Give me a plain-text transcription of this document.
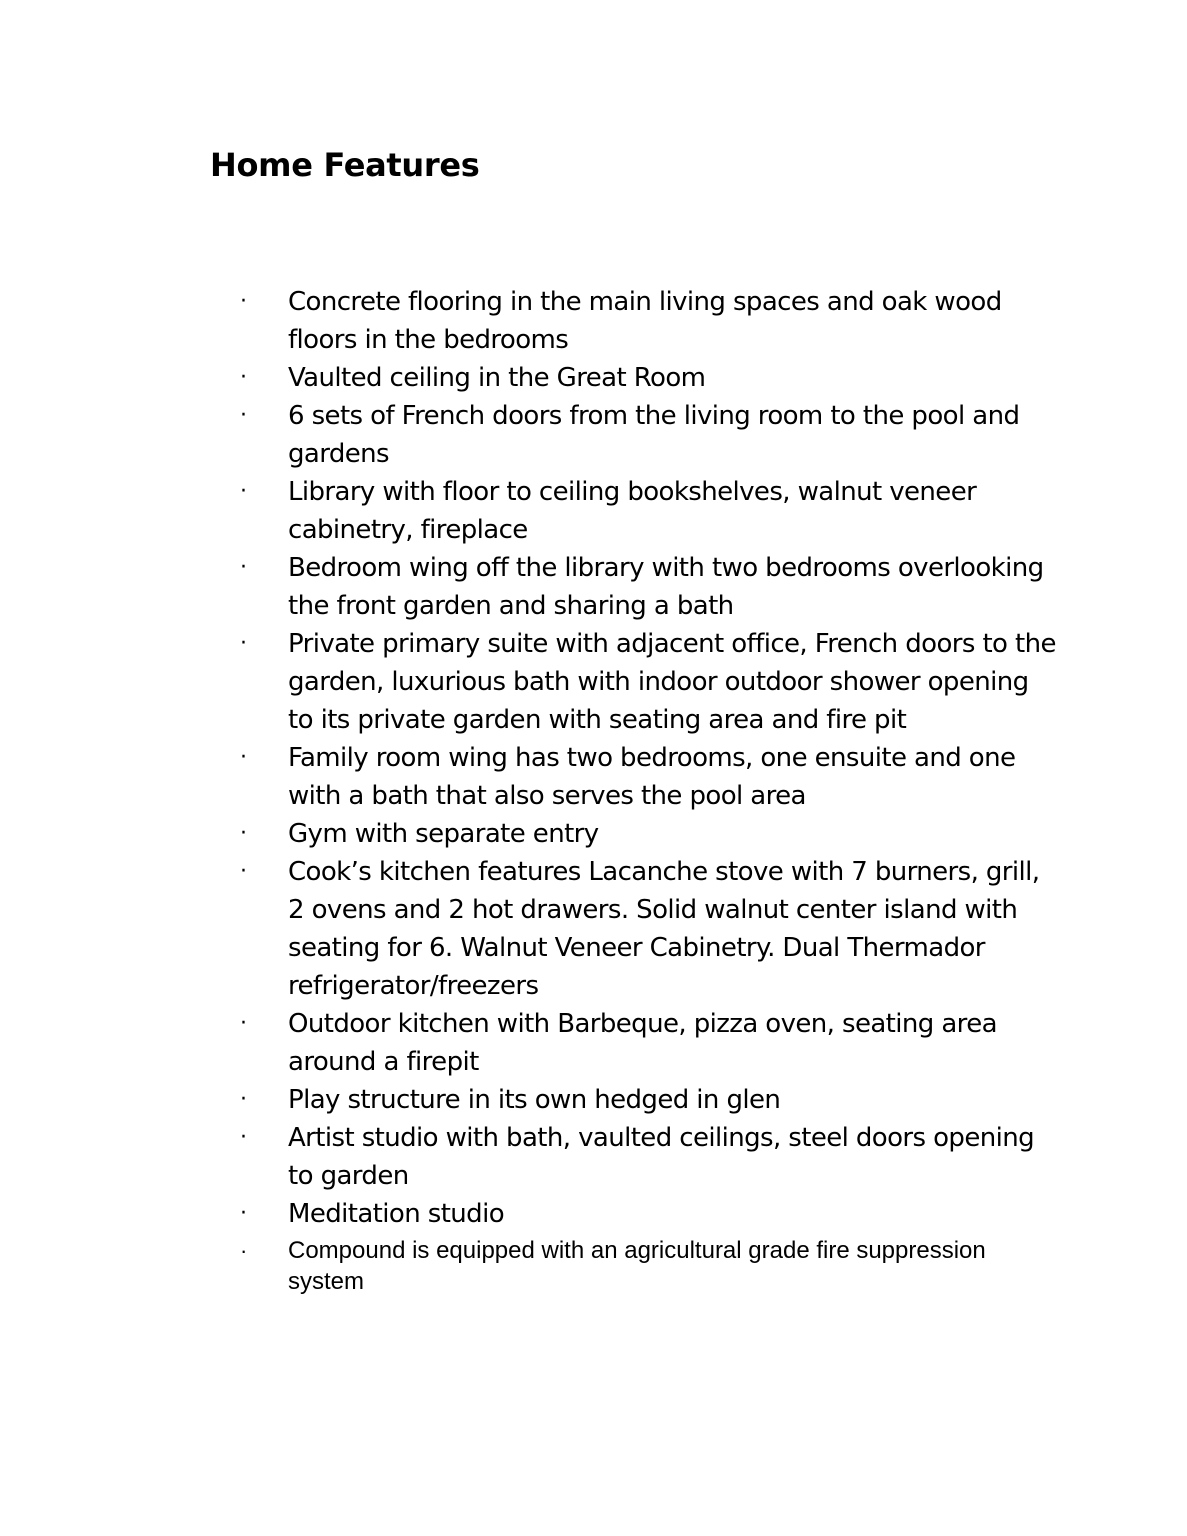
Home Features
·	Concrete flooring in the main living spaces and oak wood floors in the bedrooms
·	Vaulted ceiling in the Great Room
·	6 sets of French doors from the living room to the pool and gardens
·	Library with floor to ceiling bookshelves, walnut veneer cabinetry, fireplace
·	Bedroom wing off the library with two bedrooms overlooking the front garden and sharing a bath
·	Private primary suite with adjacent office, French doors to the garden, luxurious bath with indoor outdoor shower opening to its private garden with seating area and fire pit
·	Family room wing has two bedrooms, one ensuite and one with a bath that also serves the pool area
·	Gym with separate entry
·	Cook’s kitchen features Lacanche stove with 7 burners, grill, 2 ovens and 2 hot drawers. Solid walnut center island with seating for 6. Walnut Veneer Cabinetry. Dual Thermador refrigerator/freezers
·	Outdoor kitchen with Barbeque, pizza oven, seating area around a firepit
·	Play structure in its own hedged in glen
·	Artist studio with bath, vaulted ceilings, steel doors opening to garden
·	Meditation studio
·	Compound is equipped with an agricultural grade fire suppression system
